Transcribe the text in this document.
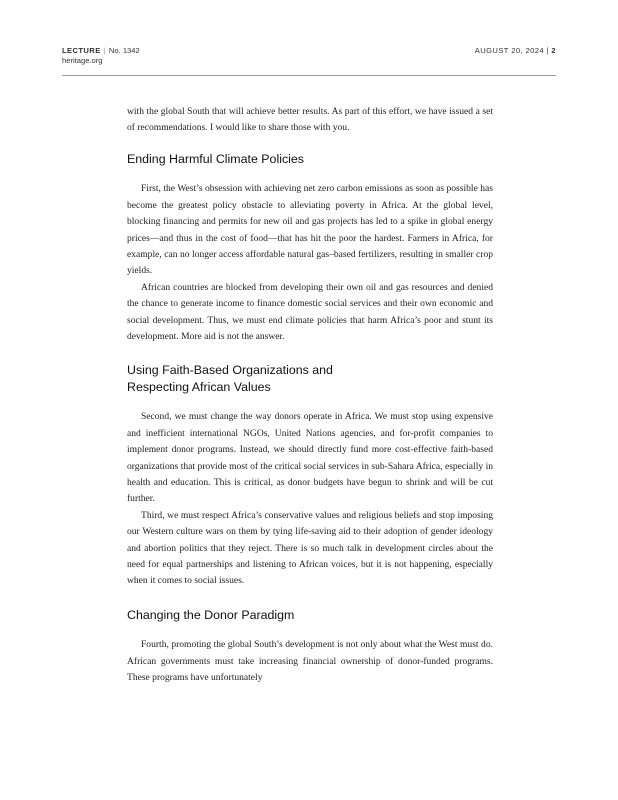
LECTURE | No. 1342
heritage.org
AUGUST 20, 2024 | 2

with the global South that will achieve better results. As part of this effort, we have issued a set of recommendations. I would like to share those with you.

Ending Harmful Climate Policies

First, the West’s obsession with achieving net zero carbon emissions as soon as possible has become the greatest policy obstacle to alleviating poverty in Africa. At the global level, blocking financing and permits for new oil and gas projects has led to a spike in global energy prices—and thus in the cost of food—that has hit the poor the hardest. Farmers in Africa, for example, can no longer access affordable natural gas–based fertilizers, resulting in smaller crop yields.

African countries are blocked from developing their own oil and gas resources and denied the chance to generate income to finance domestic social services and their own economic and social development. Thus, we must end climate policies that harm Africa’s poor and stunt its development. More aid is not the answer.

Using Faith-Based Organizations and
Respecting African Values

Second, we must change the way donors operate in Africa. We must stop using expensive and inefficient international NGOs, United Nations agencies, and for-profit companies to implement donor programs. Instead, we should directly fund more cost-effective faith-based organizations that provide most of the critical social services in sub-Sahara Africa, especially in health and education. This is critical, as donor budgets have begun to shrink and will be cut further.

Third, we must respect Africa’s conservative values and religious beliefs and stop imposing our Western culture wars on them by tying life-saving aid to their adoption of gender ideology and abortion politics that they reject. There is so much talk in development circles about the need for equal partnerships and listening to African voices, but it is not happening, especially when it comes to social issues.

Changing the Donor Paradigm

Fourth, promoting the global South’s development is not only about what the West must do. African governments must take increasing financial ownership of donor-funded programs. These programs have unfortunately
